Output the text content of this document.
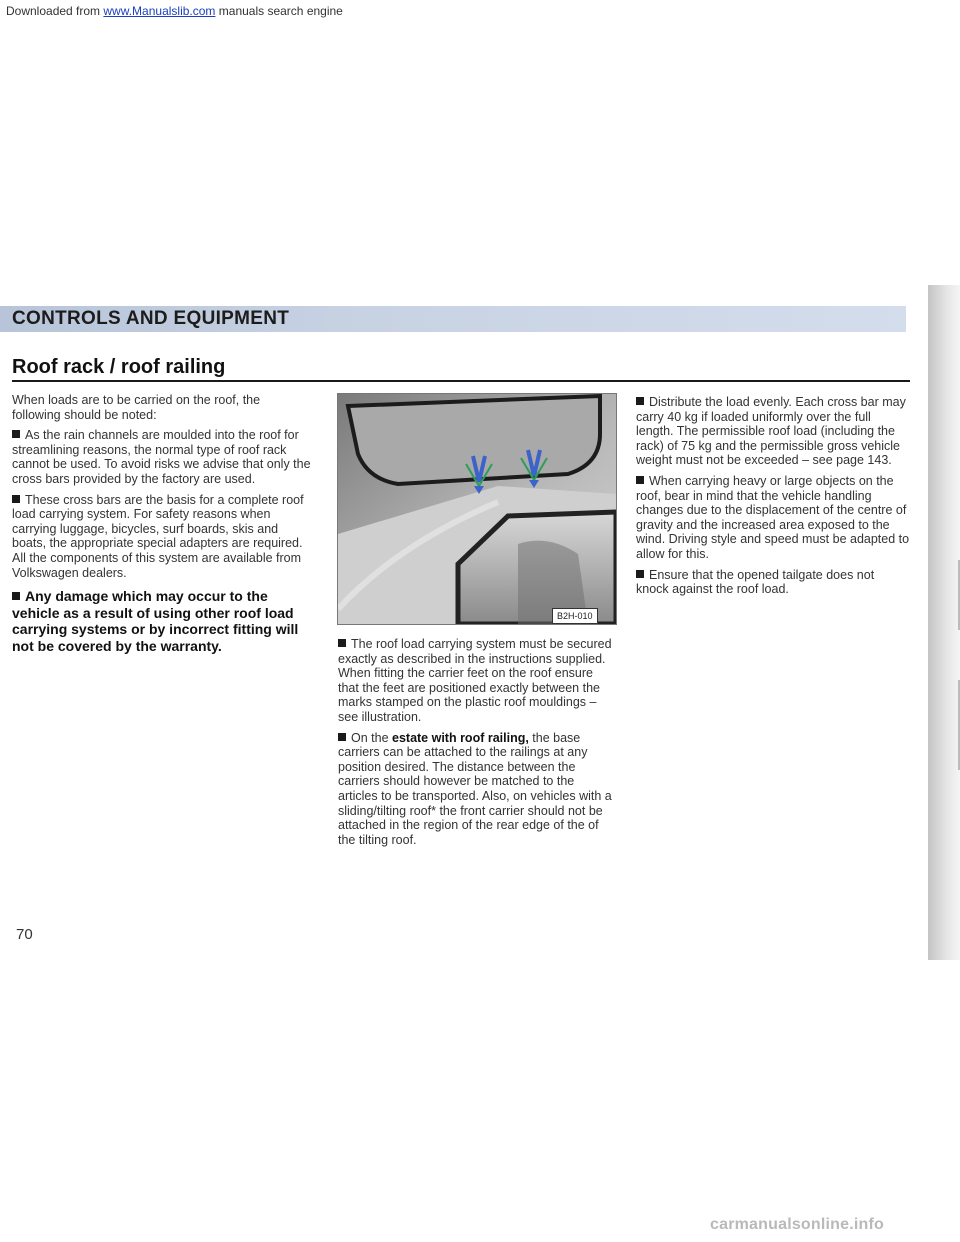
Downloaded from www.Manualslib.com manuals search engine
CONTROLS AND EQUIPMENT
Roof rack / roof railing

When loads are to be carried on the roof, the following should be noted:

As the rain channels are moulded into the roof for streamlining reasons, the normal type of roof rack cannot be used. To avoid risks we advise that only the cross bars provided by the factory are used.

These cross bars are the basis for a complete roof load carrying system. For safety reasons when carrying luggage, bicycles, surf boards, skis and boats, the appropriate special adapters are required.
All the components of this system are available from Volkswagen dealers.

Any damage which may occur to the vehicle as a result of using other roof load carrying systems or by incorrect fitting will not be covered by the warranty.

B2H-010

The roof load carrying system must be secured exactly as described in the instructions supplied. When fitting the carrier feet on the roof ensure that the feet are positioned exactly between the marks stamped on the plastic roof mouldings – see illustration.

On the estate with roof railing, the base carriers can be attached to the railings at any position desired. The distance between the carriers should however be matched to the articles to be transported. Also, on vehicles with a sliding/tilting roof* the front carrier should not be attached in the region of the rear edge of the of the tilting roof.

Distribute the load evenly. Each cross bar may carry 40 kg if loaded uniformly over the full length. The permissible roof load (including the rack) of 75 kg and the permissible gross vehicle weight must not be exceeded – see page 143.

When carrying heavy or large objects on the roof, bear in mind that the vehicle handling changes due to the displacement of the centre of gravity and the increased area exposed to the wind. Driving style and speed must be adapted to allow for this.

Ensure that the opened tailgate does not knock against the roof load.

70
carmanualsonline.info
